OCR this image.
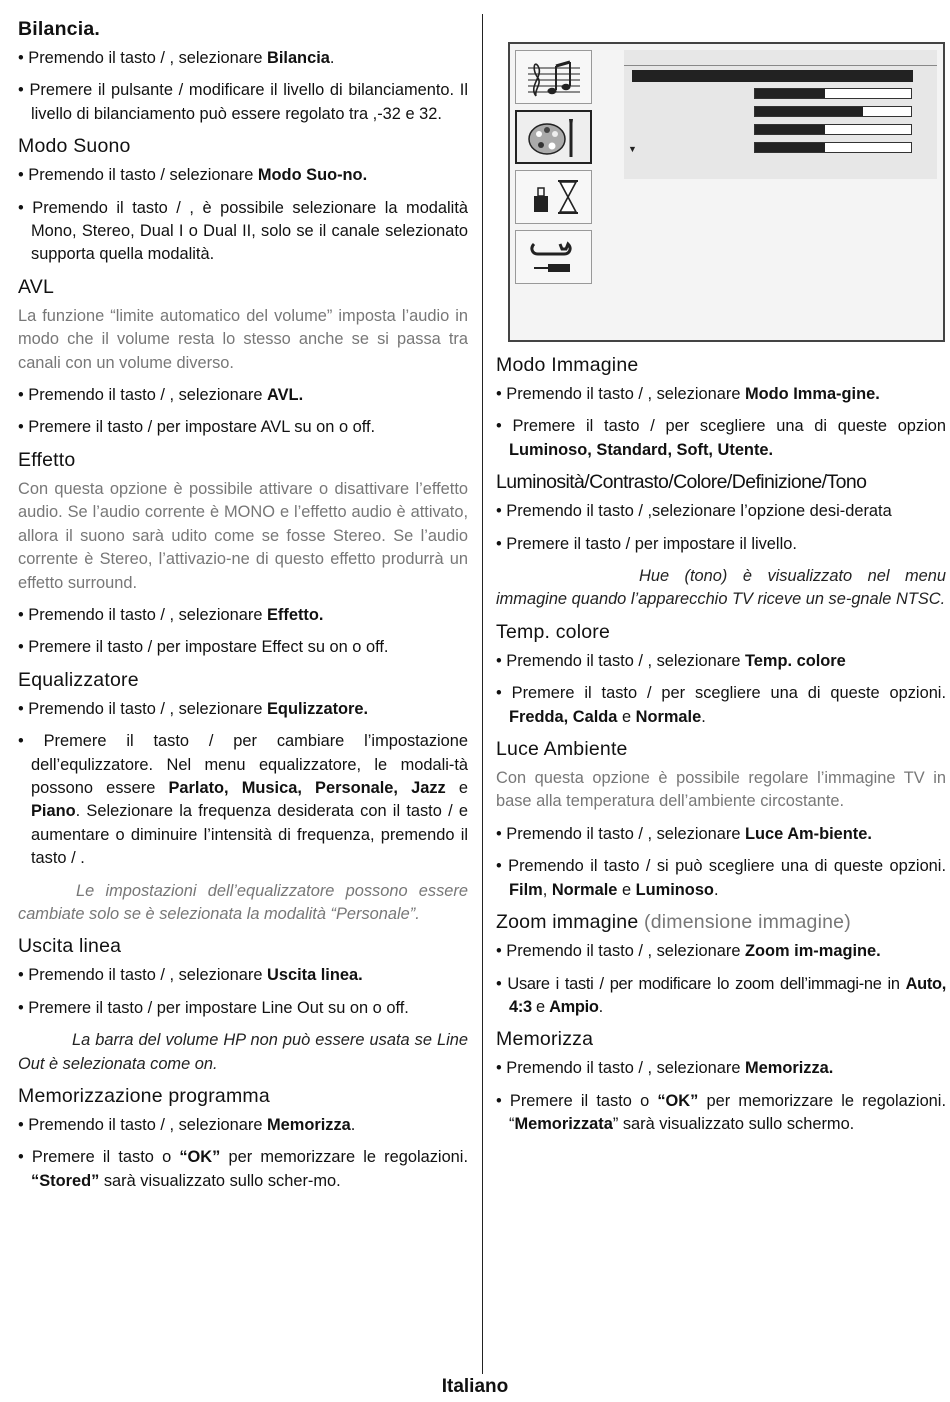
Bilancia.

• Premendo il tasto / , selezionare Bilancia.

• Premere il pulsante / modificare il livello di bilanciamento. Il livello di bilanciamento può essere regolato tra ,-32 e 32.

Modo Suono

• Premendo il tasto / selezionare Modo Suo-no.

• Premendo il tasto / , è possibile selezionare la modalità Mono, Stereo, Dual I o Dual II, solo se il canale selezionato supporta quella modalità.

AVL

La funzione “limite automatico del volume” imposta l’audio in modo che il volume resta lo stesso anche se si passa tra canali con un volume diverso.

• Premendo il tasto / , selezionare AVL.

• Premere il tasto / per impostare AVL su on o off.

Effetto

Con questa opzione è possibile attivare o disattivare l’effetto audio. Se l’audio corrente è MONO e l’effetto audio è attivato, allora il suono sarà udito come se fosse Stereo. Se l’audio corrente è Stereo, l’attivazio-ne di questo effetto produrrà un effetto surround.

• Premendo il tasto / , selezionare Effetto.

• Premere il tasto / per impostare Effect su on o off.

Equalizzatore

• Premendo il tasto / , selezionare Equlizzatore.

• Premere il tasto / per cambiare l’impostazione dell’equlizzatore. Nel menu equalizzatore, le modali-tà possono essere Parlato, Musica, Personale, Jazz e Piano. Selezionare la frequenza desiderata con il tasto / e aumentare o diminuire l’intensità di frequenza, premendo il tasto / .

Le impostazioni dell’equalizzatore possono essere cambiate solo se è selezionata la modalità “Personale”.

Uscita linea

• Premendo il tasto / , selezionare Uscita linea.

• Premere il tasto / per impostare Line Out su on o off.

La barra del volume HP non può essere usata se Line Out è selezionata come on.

Memorizzazione programma

• Premendo il tasto / , selezionare Memorizza.

• Premere il tasto o “OK” per memorizzare le regolazioni. “Stored” sarà visualizzato sullo scher-mo.

▼
Modo Immagine

• Premendo il tasto / , selezionare Modo Imma-gine.

• Premere il tasto / per scegliere una di queste opzion Luminoso, Standard, Soft, Utente.

Luminosità/Contrasto/Colore/Definizione/Tono

• Premendo il tasto / ,selezionare l’opzione desi-derata

• Premere il tasto / per impostare il livello.

Hue (tono) è visualizzato nel menu immagine quando l’apparecchio TV riceve un se-gnale NTSC.

Temp. colore

• Premendo il tasto / , selezionare Temp. colore

• Premere il tasto / per scegliere una di queste opzioni. Fredda, Calda e Normale.

Luce Ambiente

Con questa opzione è possibile regolare l’immagine TV in base alla temperatura dell’ambiente circostante.

• Premendo il tasto / , selezionare Luce Am-biente.

• Premendo il tasto / si può scegliere una di queste opzioni. Film, Normale e Luminoso.

Zoom immagine (dimensione immagine)

• Premendo il tasto / , selezionare Zoom im-magine.

• Usare i tasti / per modificare lo zoom dell’immagi-ne in Auto, 4:3 e Ampio.

Memorizza

• Premendo il tasto / , selezionare Memorizza.

• Premere il tasto o “OK” per memorizzare le regolazioni. “Memorizzata” sarà visualizzato sullo schermo.

Italiano
